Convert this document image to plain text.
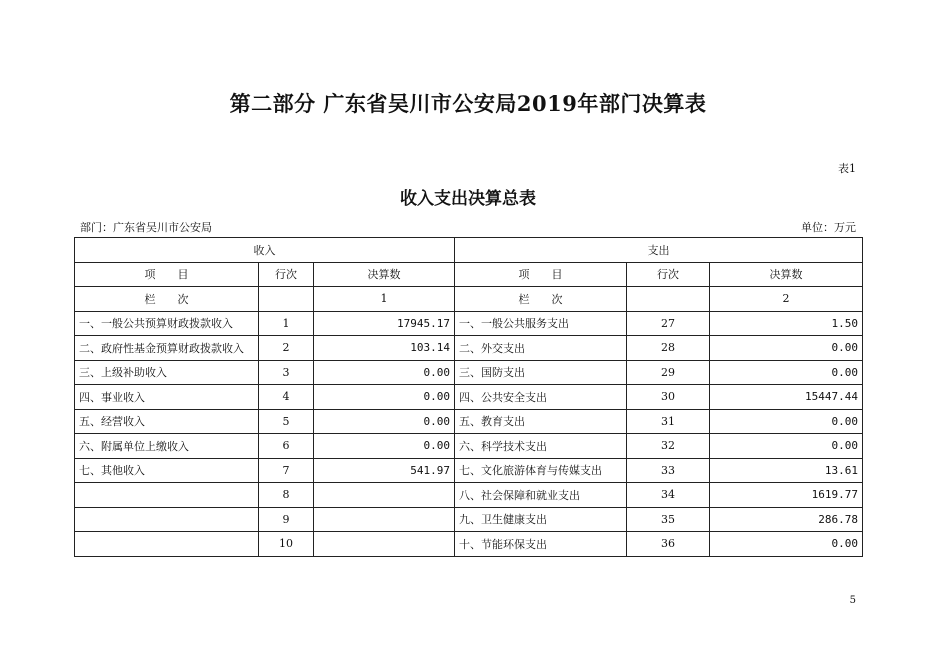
第二部分 广东省吴川市公安局2019年部门决算表
表1
收入支出决算总表
部门：广东省吴川市公安局	单位：万元
收入			支出		
项　　目	行次	决算数	项　　目	行次	决算数
栏　　次		1	栏　　次		2
一、一般公共预算财政拨款收入	1	17945.17	一、一般公共服务支出	27	1.50
二、政府性基金预算财政拨款收入	2	103.14	二、外交支出	28	0.00
三、上级补助收入	3	0.00	三、国防支出	29	0.00
四、事业收入	4	0.00	四、公共安全支出	30	15447.44
五、经营收入	5	0.00	五、教育支出	31	0.00
六、附属单位上缴收入	6	0.00	六、科学技术支出	32	0.00
七、其他收入	7	541.97	七、文化旅游体育与传媒支出	33	13.61
	8		八、社会保障和就业支出	34	1619.77
	9		九、卫生健康支出	35	286.78
	10		十、节能环保支出	36	0.00
5
